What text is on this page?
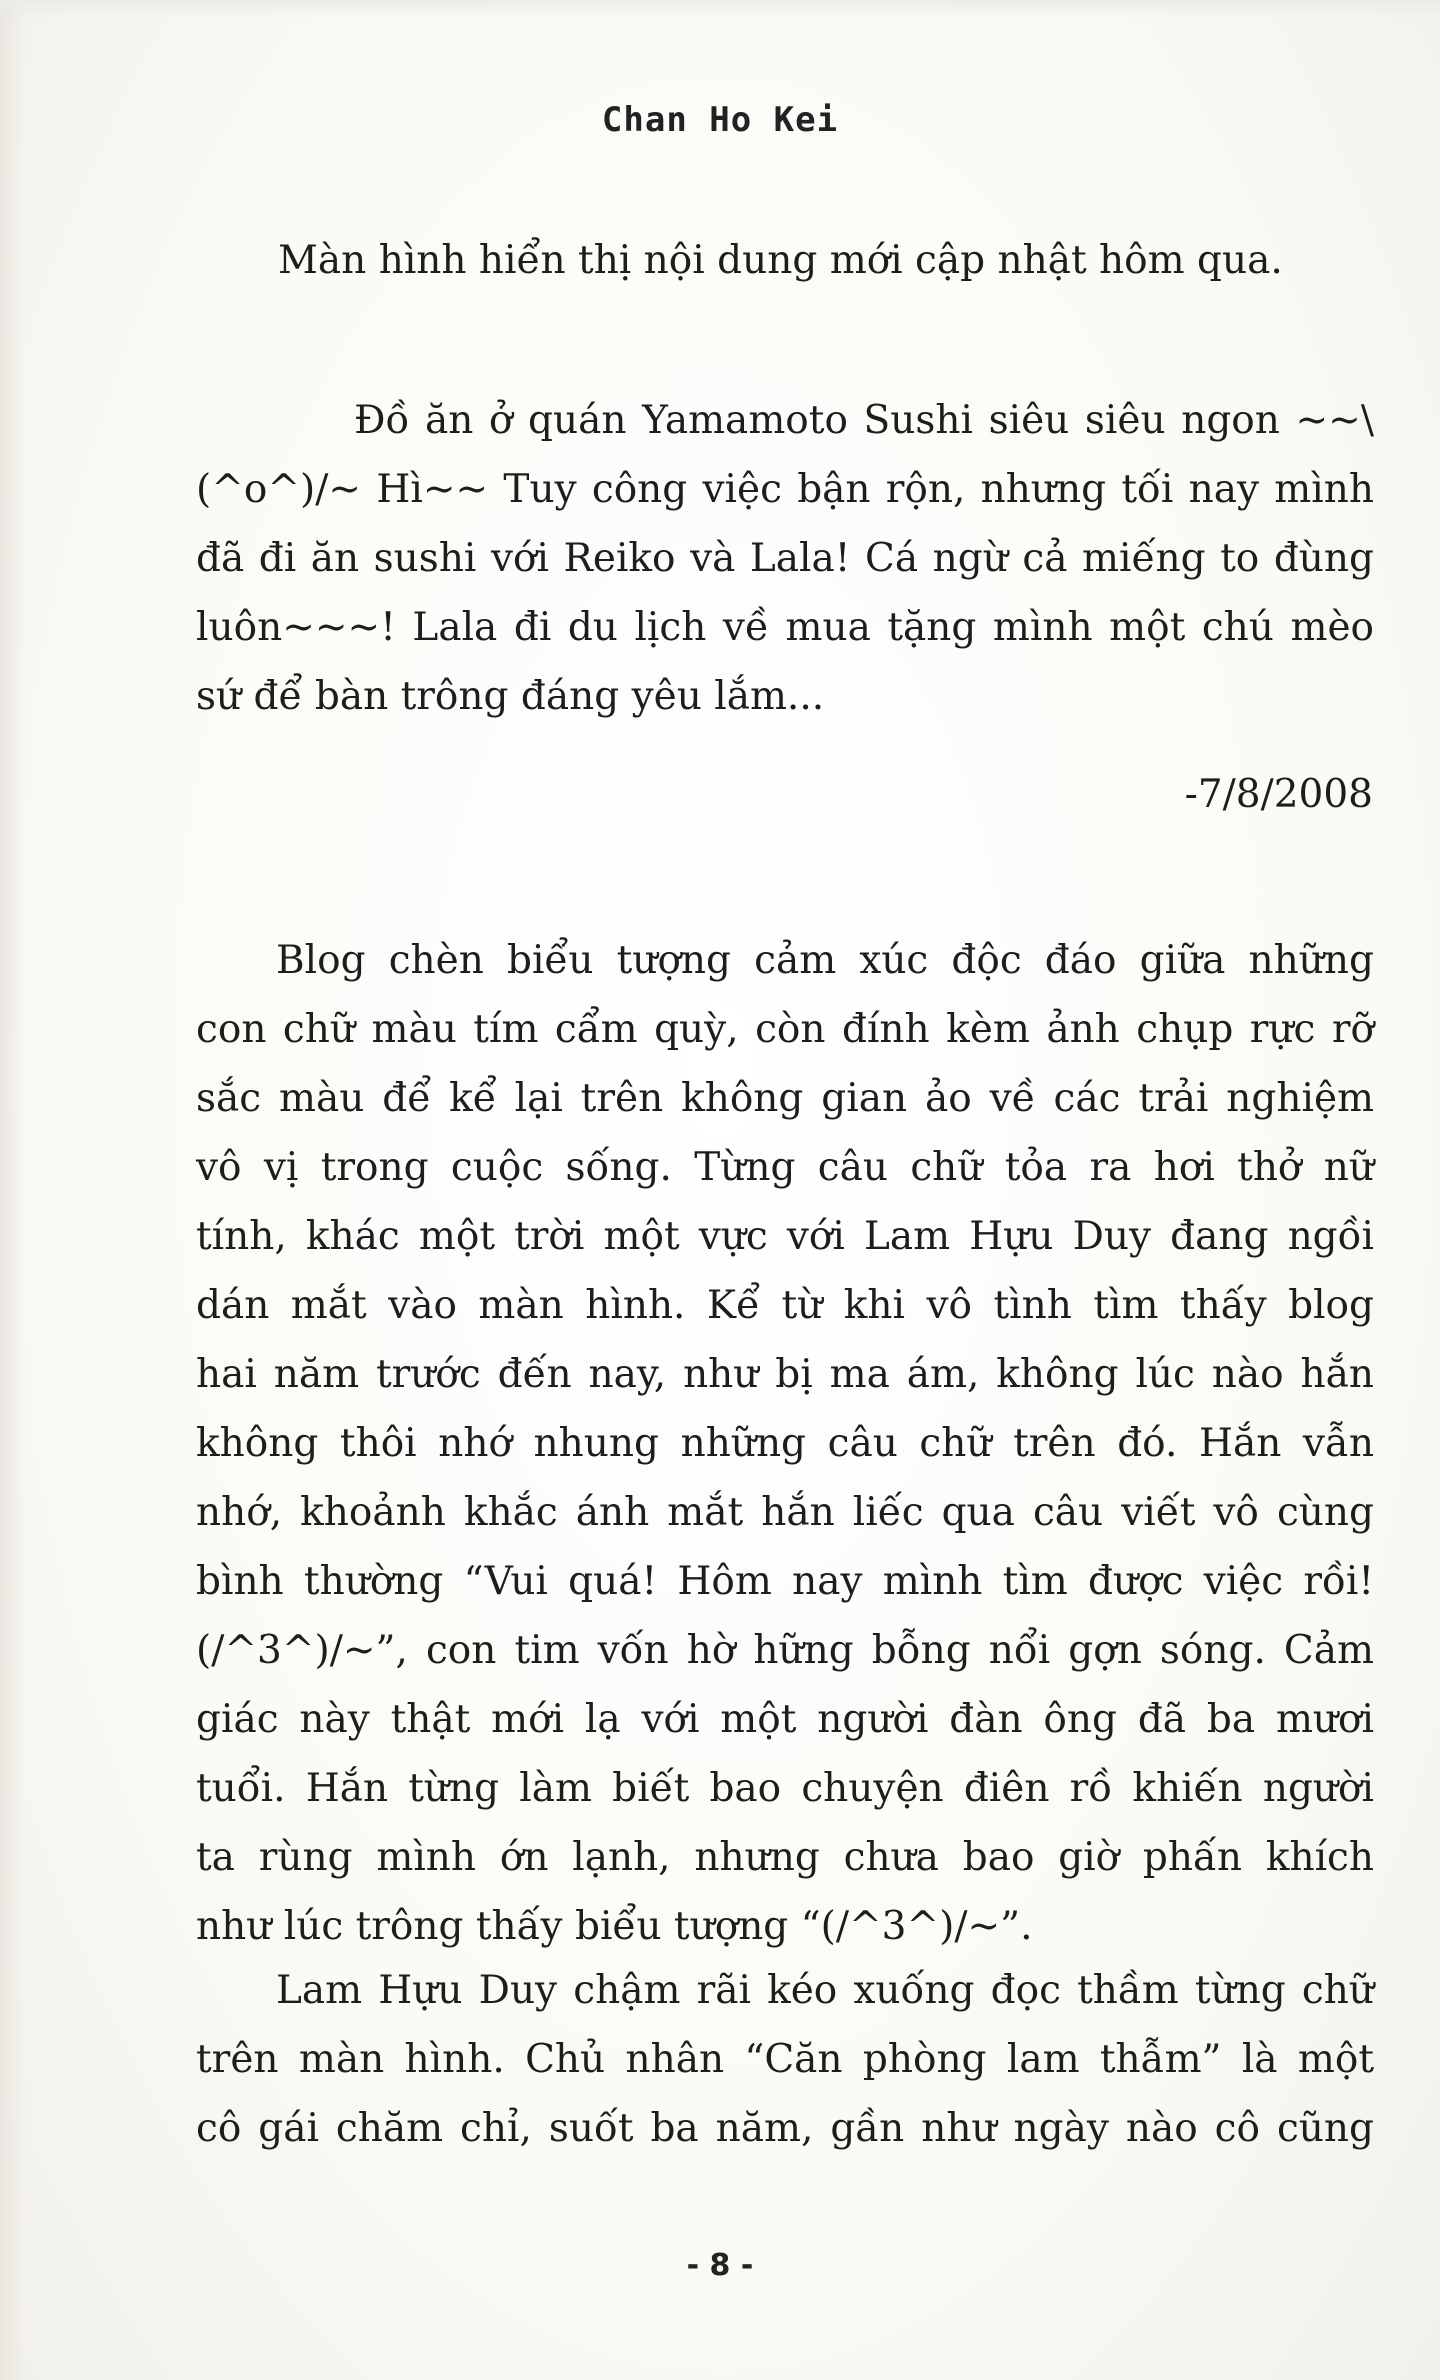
Chan Ho Kei
Màn hình hiển thị nội dung mới cập nhật hôm qua.
Đồ ăn ở quán Yamamoto Sushi siêu siêu ngon ~~\
(^o^)/~ Hì~~ Tuy công việc bận rộn, nhưng tối nay mình
đã đi ăn sushi với Reiko và Lala! Cá ngừ cả miếng to đùng
luôn~~~! Lala đi du lịch về mua tặng mình một chú mèo
sứ để bàn trông đáng yêu lắm...
-7/8/2008
Blog chèn biểu tượng cảm xúc độc đáo giữa những
con chữ màu tím cẩm quỳ, còn đính kèm ảnh chụp rực rỡ
sắc màu để kể lại trên không gian ảo về các trải nghiệm
vô vị trong cuộc sống. Từng câu chữ tỏa ra hơi thở nữ
tính, khác một trời một vực với Lam Hựu Duy đang ngồi
dán mắt vào màn hình. Kể từ khi vô tình tìm thấy blog
hai năm trước đến nay, như bị ma ám, không lúc nào hắn
không thôi nhớ nhung những câu chữ trên đó. Hắn vẫn
nhớ, khoảnh khắc ánh mắt hắn liếc qua câu viết vô cùng
bình thường “Vui quá! Hôm nay mình tìm được việc rồi!
(/^3^)/~”, con tim vốn hờ hững bỗng nổi gợn sóng. Cảm
giác này thật mới lạ với một người đàn ông đã ba mươi
tuổi. Hắn từng làm biết bao chuyện điên rồ khiến người
ta rùng mình ớn lạnh, nhưng chưa bao giờ phấn khích
như lúc trông thấy biểu tượng “(/^3^)/~”.
Lam Hựu Duy chậm rãi kéo xuống đọc thầm từng chữ
trên màn hình. Chủ nhân “Căn phòng lam thẫm” là một
cô gái chăm chỉ, suốt ba năm, gần như ngày nào cô cũng
- 8 -
